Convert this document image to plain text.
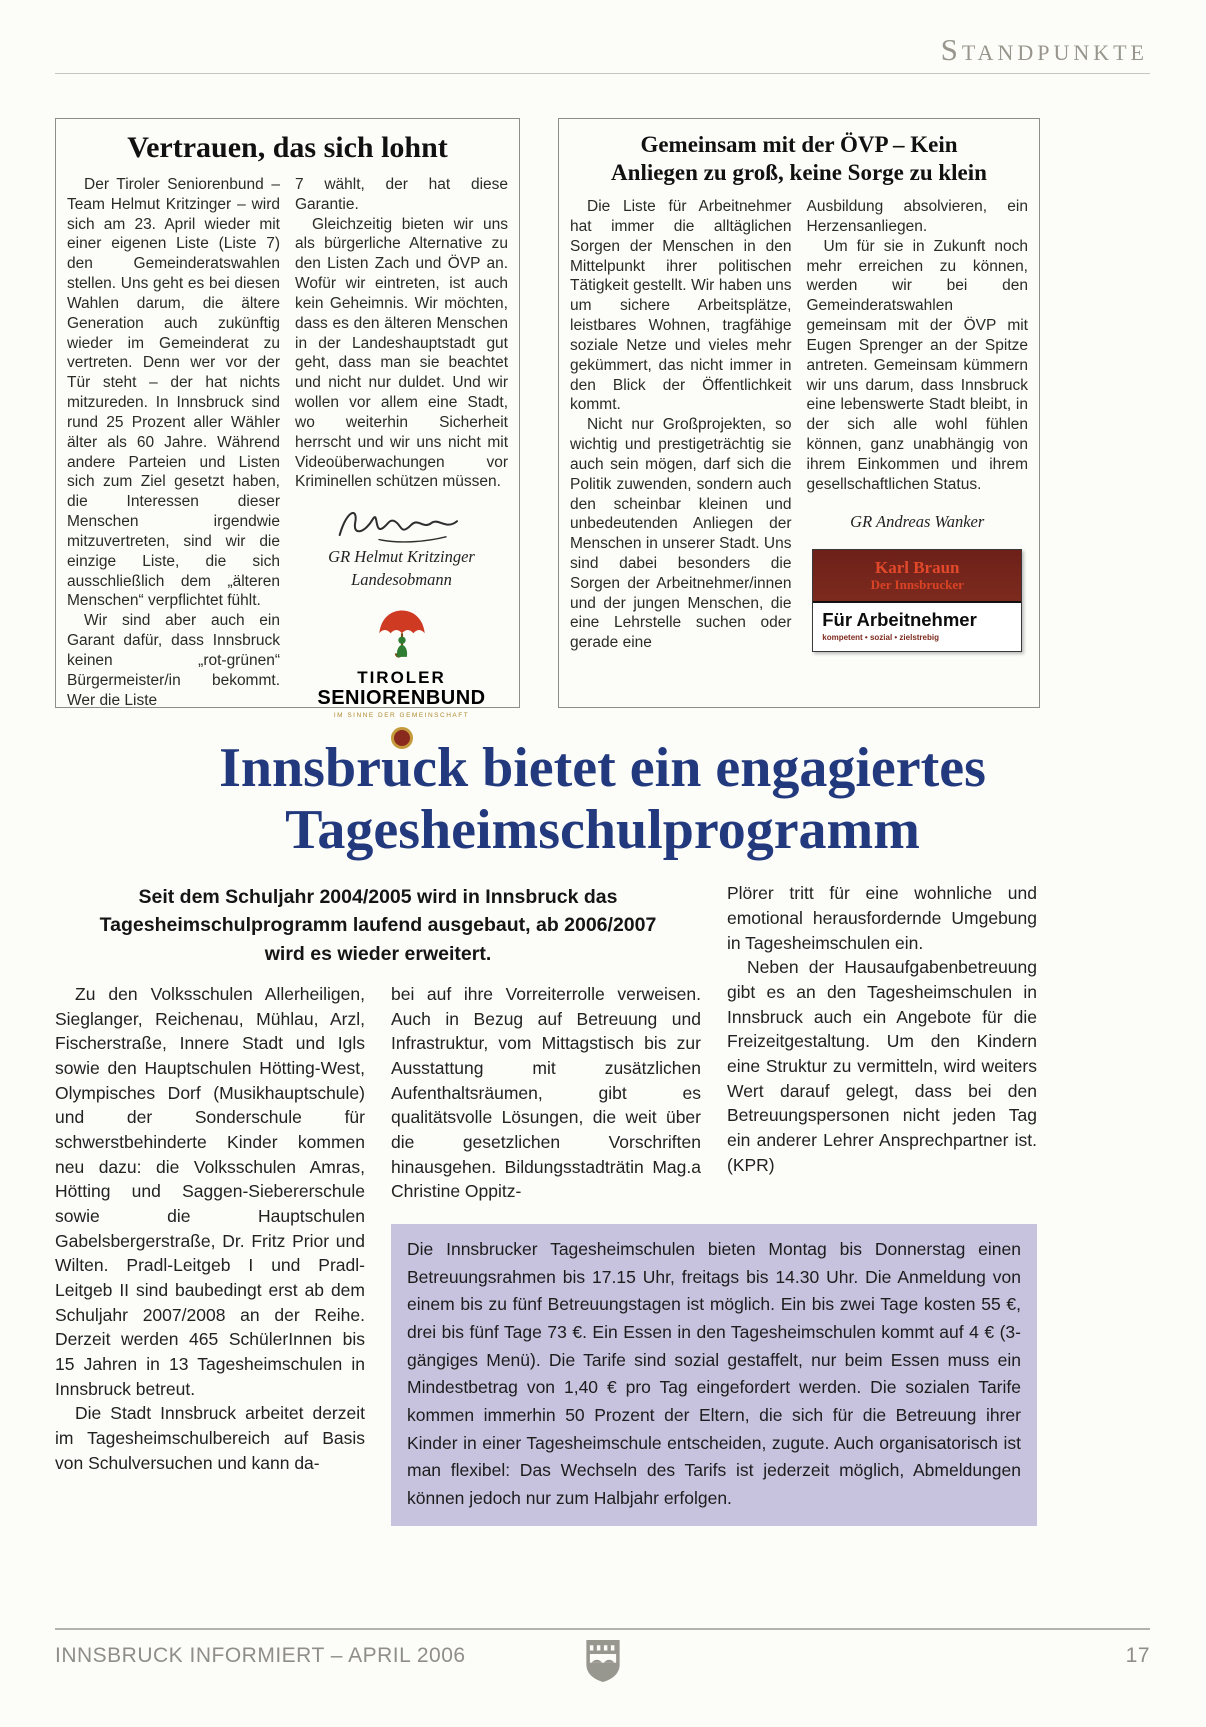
Standpunkte
Vertrauen, das sich lohnt

Der Tiroler Seniorenbund – Team Helmut Kritzinger – wird sich am 23. April wieder mit einer eigenen Liste (Liste 7) den Gemeinderatswahlen stellen. Uns geht es bei diesen Wahlen darum, die ältere Generation auch zukünftig wieder im Gemeinderat zu vertreten. Denn wer vor der Tür steht – der hat nichts mitzureden. In Innsbruck sind rund 25 Prozent aller Wähler älter als 60 Jahre. Während andere Parteien und Listen sich zum Ziel gesetzt haben, die Interessen dieser Menschen irgendwie mitzuvertreten, sind wir die einzige Liste, die sich ausschließlich dem „älteren Menschen“ verpflichtet fühlt.

Wir sind aber auch ein Garant dafür, dass Innsbruck keinen „rot-grünen“ Bürgermeister/in bekommt. Wer die Liste

7 wählt, der hat diese Garantie.

Gleichzeitig bieten wir uns als bürgerliche Alternative zu den Listen Zach und ÖVP an. Wofür wir eintreten, ist auch kein Geheimnis. Wir möchten, dass es den älteren Menschen in der Landeshauptstadt gut geht, dass man sie beachtet und nicht nur duldet. Und wir wollen vor allem eine Stadt, wo weiterhin Sicherheit herrscht und wir uns nicht mit Videoüberwachungen vor Kriminellen schützen müssen.

GR Helmut Kritzinger
Landesobmann
TIROLER
SENIORENBUND
IM SINNE DER GEMEINSCHAFT
Gemeinsam mit der ÖVP – Kein
Anliegen zu groß, keine Sorge zu klein

Die Liste für Arbeitnehmer hat immer die alltäglichen Sorgen der Menschen in den Mittelpunkt ihrer politischen Tätigkeit gestellt. Wir haben uns um sichere Arbeitsplätze, leistbares Wohnen, tragfähige soziale Netze und vieles mehr gekümmert, das nicht immer in den Blick der Öffentlichkeit kommt.

Nicht nur Großprojekten, so wichtig und prestigeträchtig sie auch sein mögen, darf sich die Politik zuwenden, sondern auch den scheinbar kleinen und unbedeutenden Anliegen der Menschen in unserer Stadt. Uns sind dabei besonders die Sorgen der Arbeitnehmer/innen und der jungen Menschen, die eine Lehrstelle suchen oder gerade eine

Ausbildung absolvieren, ein Herzensanliegen.

Um für sie in Zukunft noch mehr erreichen zu können, werden wir bei den Gemeinderatswahlen gemeinsam mit der ÖVP mit Eugen Sprenger an der Spitze antreten. Gemeinsam kümmern wir uns darum, dass Innsbruck eine lebenswerte Stadt bleibt, in der sich alle wohl fühlen können, ganz unabhängig von ihrem Einkommen und ihrem gesellschaftlichen Status.

GR Andreas Wanker
Karl Braun
Der Innsbrucker
Für Arbeitnehmer
kompetent • sozial • zielstrebig
Innsbruck bietet ein engagiertes
Tagesheimschulprogramm
Seit dem Schuljahr 2004/2005 wird in Innsbruck das Tagesheimschulprogramm laufend ausgebaut, ab 2006/2007 wird es wieder erweitert.

Zu den Volksschulen Allerheiligen, Sieglanger, Reichenau, Mühlau, Arzl, Fischerstraße, Innere Stadt und Igls sowie den Hauptschulen Hötting-West, Olympisches Dorf (Musikhauptschule) und der Sonderschule für schwerstbehinderte Kinder kommen neu dazu: die Volksschulen Amras, Hötting und Saggen-Siebererschule sowie die Hauptschulen Gabelsbergerstraße, Dr. Fritz Prior und Wilten. Pradl-Leitgeb I und Pradl-Leitgeb II sind baubedingt erst ab dem Schuljahr 2007/2008 an der Reihe. Derzeit werden 465 SchülerInnen bis 15 Jahren in 13 Tagesheimschulen in Innsbruck betreut.

Die Stadt Innsbruck arbeitet derzeit im Tagesheimschulbereich auf Basis von Schulversuchen und kann da-

bei auf ihre Vorreiterrolle verweisen. Auch in Bezug auf Betreuung und Infrastruktur, vom Mittagstisch bis zur Ausstattung mit zusätzlichen Aufenthaltsräumen, gibt es qualitätsvolle Lösungen, die weit über die gesetzlichen Vorschriften hinausgehen. Bildungsstadträtin Mag.a Christine Oppitz-

Plörer tritt für eine wohnliche und emotional herausfordernde Umgebung in Tagesheimschulen ein.

Neben der Hausaufgabenbetreuung gibt es an den Tagesheimschulen in Innsbruck auch ein Angebote für die Freizeitgestaltung. Um den Kindern eine Struktur zu vermitteln, wird weiters Wert darauf gelegt, dass bei den Betreuungspersonen nicht jeden Tag ein anderer Lehrer Ansprechpartner ist. (KPR)

Die Innsbrucker Tagesheimschulen bieten Montag bis Donnerstag einen Betreuungsrahmen bis 17.15 Uhr, freitags bis 14.30 Uhr. Die Anmeldung von einem bis zu fünf Betreuungstagen ist möglich. Ein bis zwei Tage kosten 55 €, drei bis fünf Tage 73 €. Ein Essen in den Tagesheimschulen kommt auf 4 € (3-gängiges Menü). Die Tarife sind sozial gestaffelt, nur beim Essen muss ein Mindestbetrag von 1,40 € pro Tag eingefordert werden. Die sozialen Tarife kommen immerhin 50 Prozent der Eltern, die sich für die Betreuung ihrer Kinder in einer Tagesheimschule entscheiden, zugute. Auch organisatorisch ist man flexibel: Das Wechseln des Tarifs ist jederzeit möglich, Abmeldungen können jedoch nur zum Halbjahr erfolgen.
INNSBRUCK INFORMIERT – APRIL 2006	17
